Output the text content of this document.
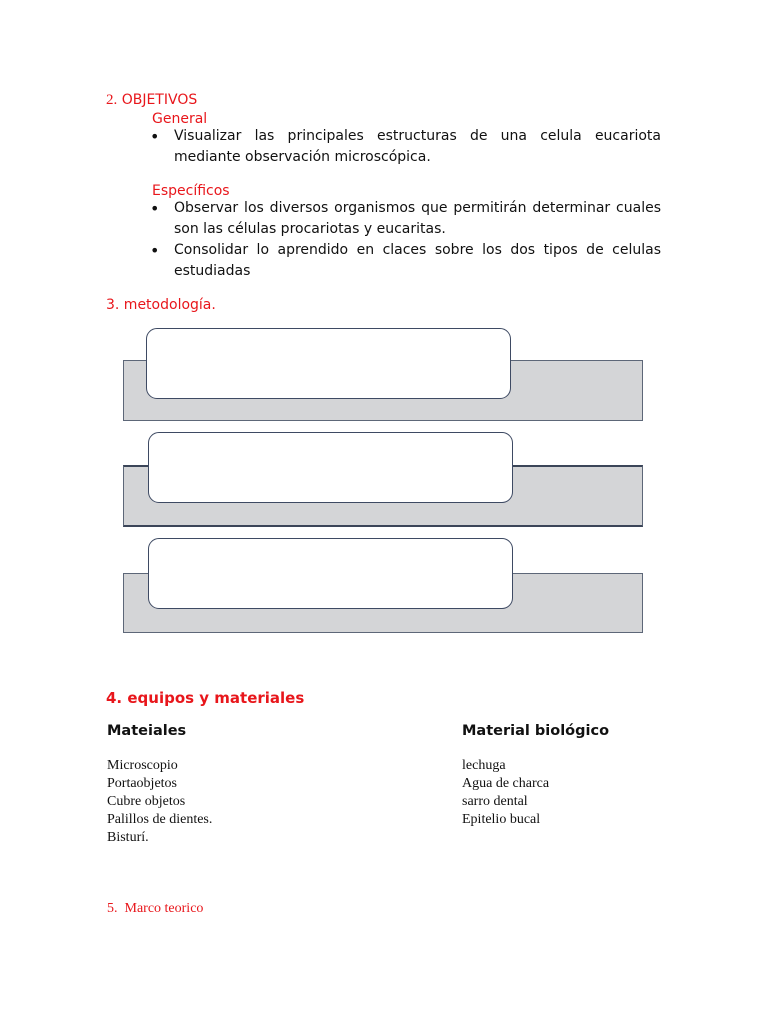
2. OBJETIVOS
General
• Visualizar las principales estructuras de una celula eucariota mediante observación microscópica.
Específicos
• Observar los diversos organismos que permitirán determinar cuales son las células procariotas y eucaritas.
• Consolidar lo aprendido en claces sobre los dos tipos de celulas estudiadas
3. metodología.
4. equipos y materiales
Mateiales	Material biológico
Microscopio
Portaobjetos
Cubre objetos
Palillos de dientes.
Bisturí.
lechuga
Agua de charca
sarro dental
Epitelio bucal
5.  Marco teorico
